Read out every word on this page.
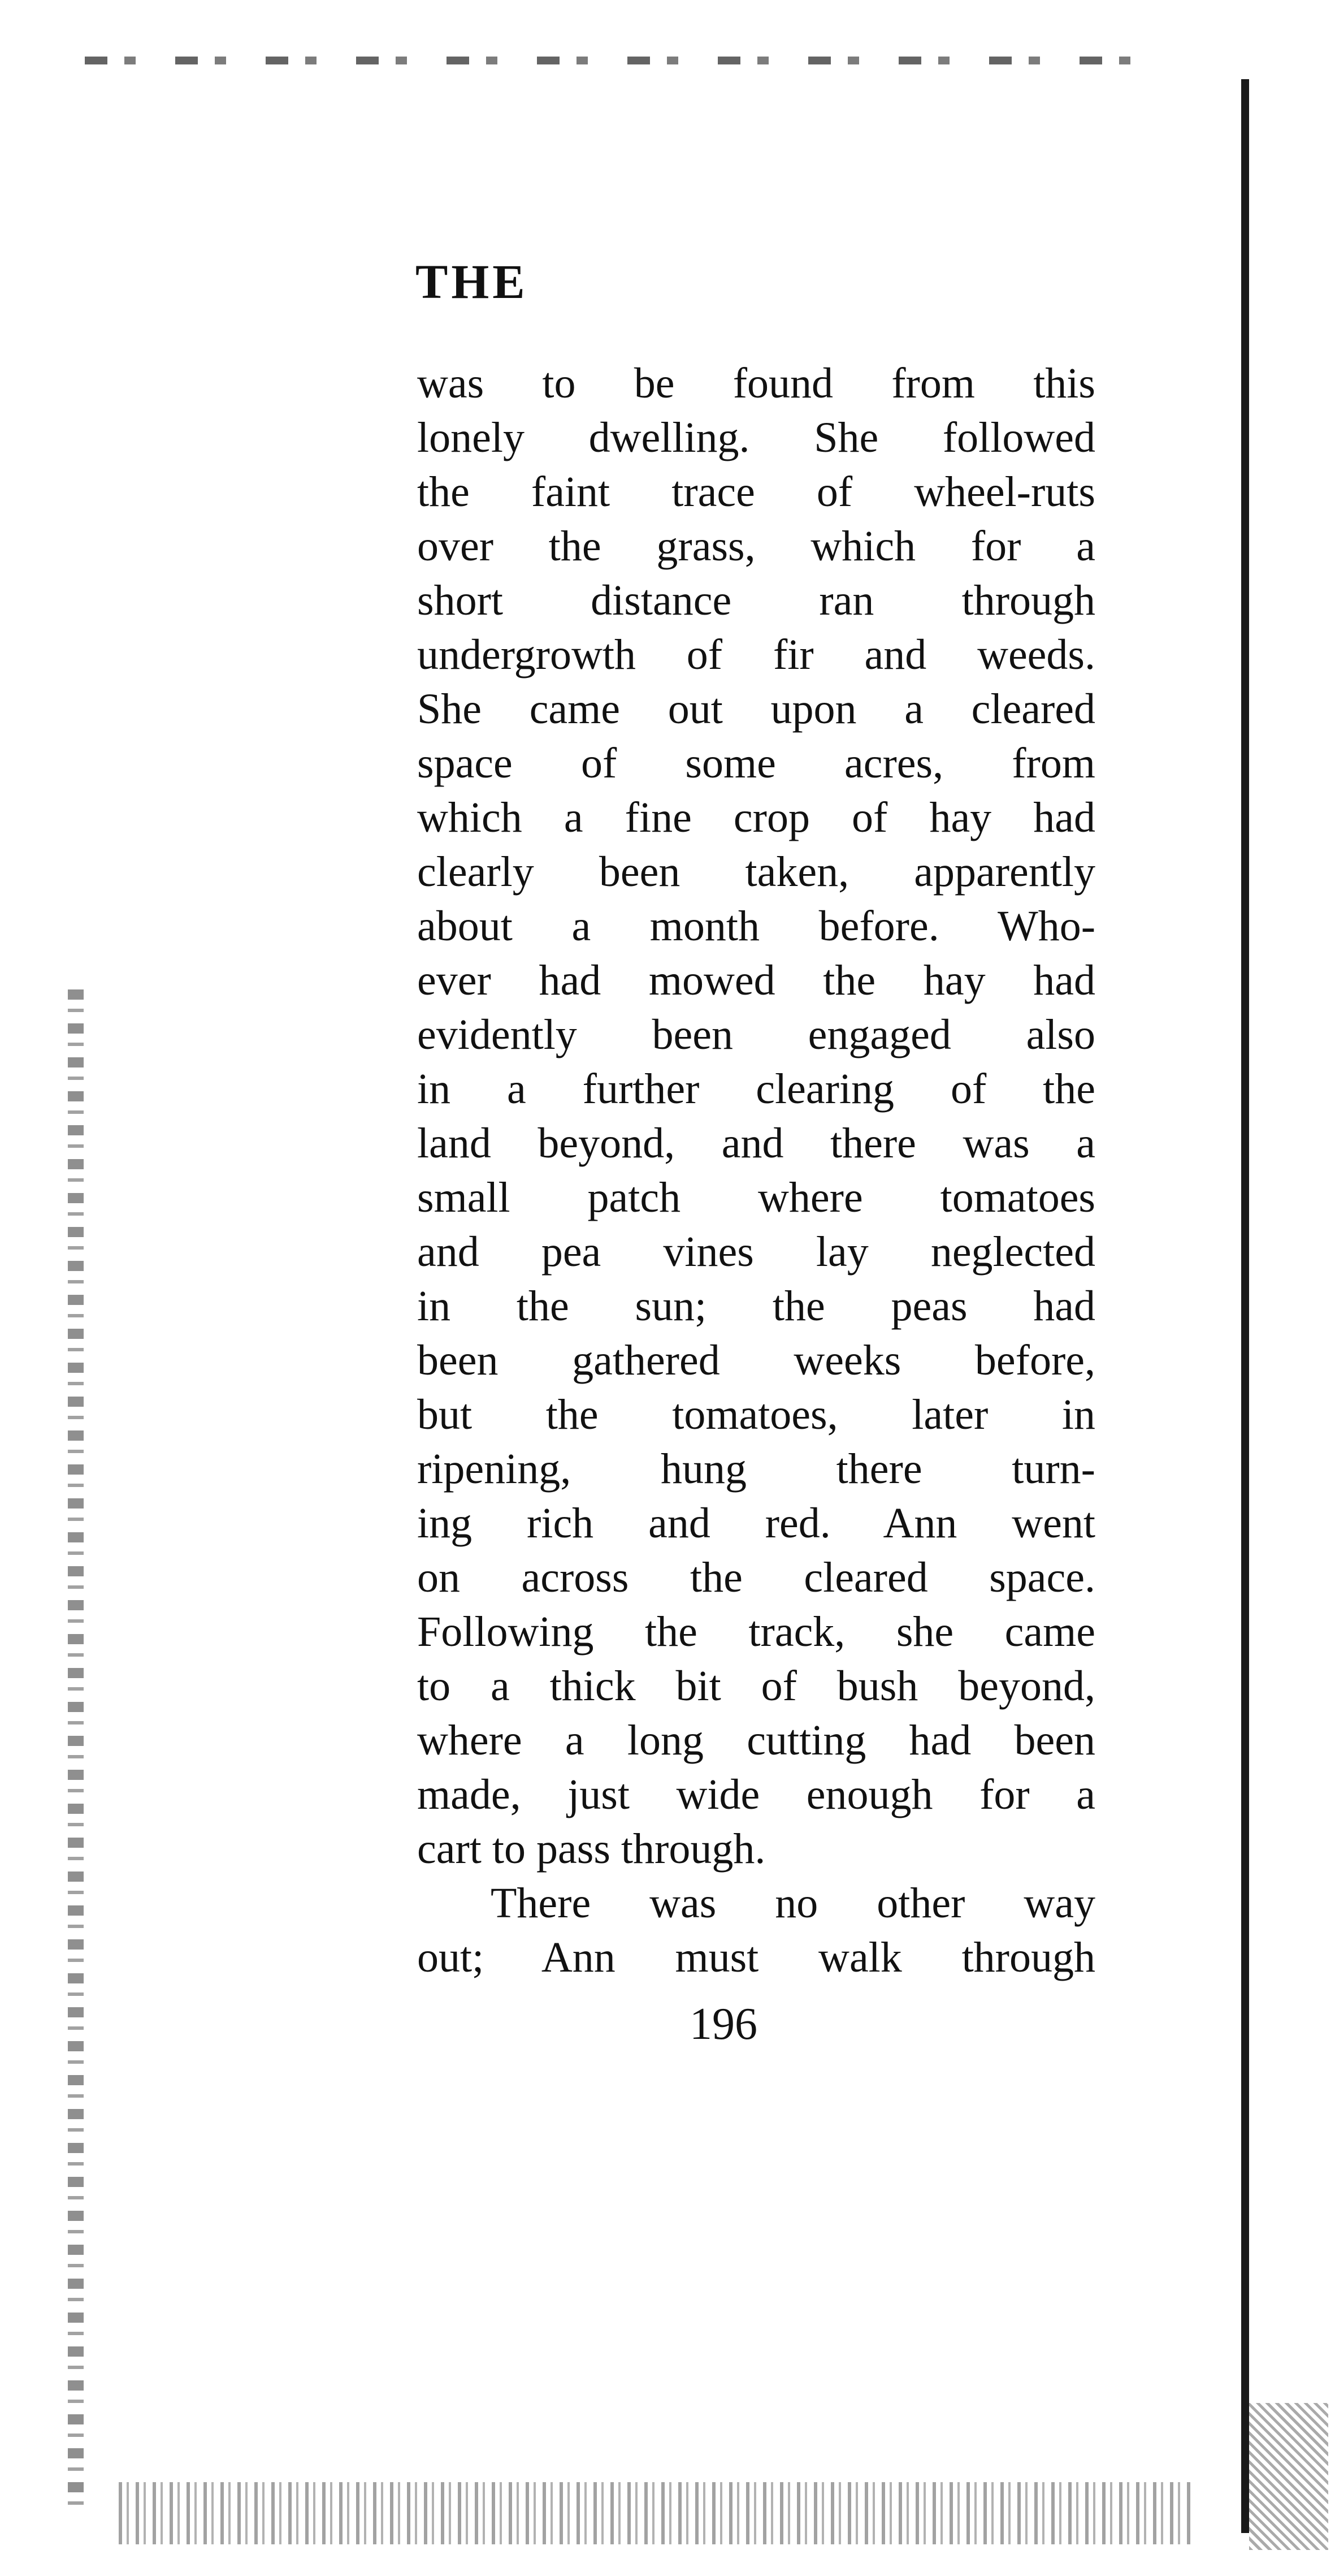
THE
was to be found from this
lonely dwelling. She followed
the faint trace of wheel-ruts
over the grass, which for a
short distance ran through
undergrowth of fir and weeds.
She came out upon a cleared
space of some acres, from
which a fine crop of hay had
clearly been taken, apparently
about a month before. Who-
ever had mowed the hay had
evidently been engaged also
in a further clearing of the
land beyond, and there was a
small patch where tomatoes
and pea vines lay neglected
in the sun; the peas had
been gathered weeks before,
but the tomatoes, later in
ripening, hung there turn-
ing rich and red. Ann went
on across the cleared space.
Following the track, she came
to a thick bit of bush beyond,
where a long cutting had been
made, just wide enough for a
cart to pass through.
There was no other way
out; Ann must walk through
196
